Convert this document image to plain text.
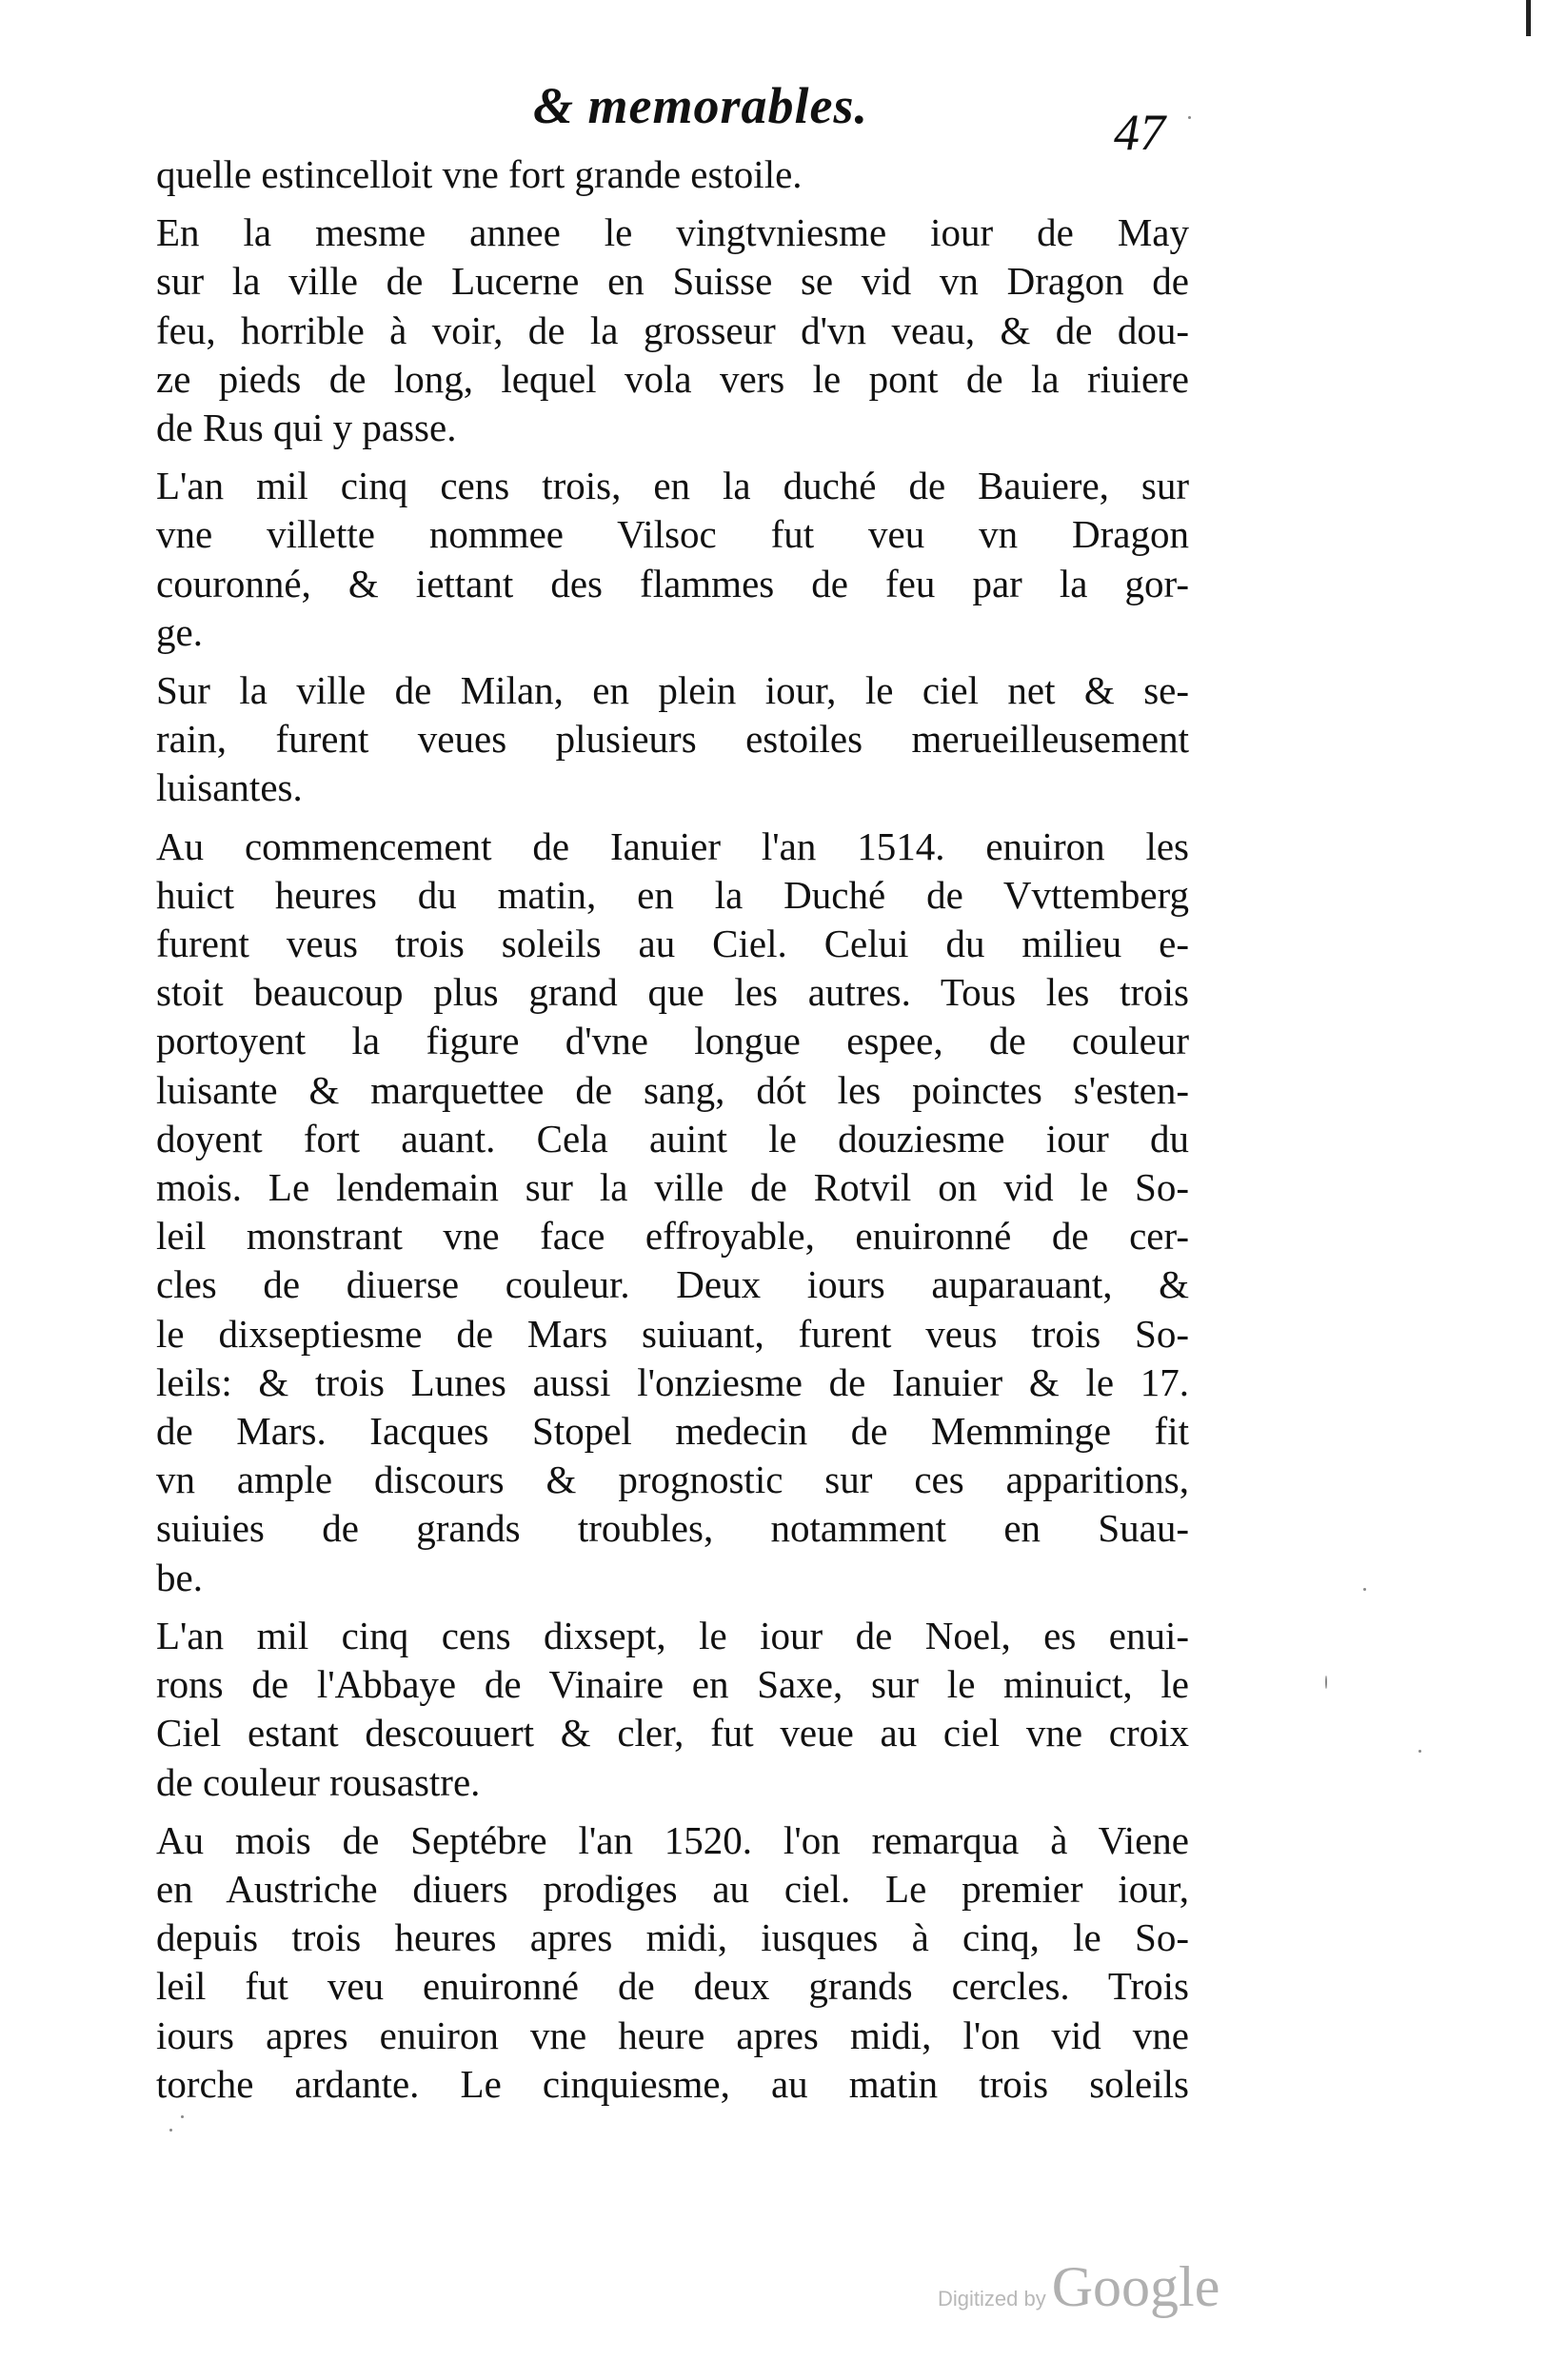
& memorables.	47
quelle estincelloit vne fort grande estoile.
En la mesme annee le vingtvniesme iour de May
sur la ville de Lucerne en Suisse se vid vn Dragon de
feu, horrible à voir, de la grosseur d'vn veau, & de dou-
ze pieds de long, lequel vola vers le pont de la riuiere
de Rus qui y passe.
L'an mil cinq cens trois, en la duché de Bauiere, sur
vne villette nommee Vilsoc fut veu vn Dragon
couronné, & iettant des flammes de feu par la gor-
ge.
Sur la ville de Milan, en plein iour, le ciel net & se-
rain, furent veues plusieurs estoiles merueilleusement
luisantes.
Au commencement de Ianuier l'an 1514. enuiron les
huict heures du matin, en la Duché de Vvttemberg
furent veus trois soleils au Ciel. Celui du milieu e-
stoit beaucoup plus grand que les autres. Tous les trois
portoyent la figure d'vne longue espee, de couleur
luisante & marquettee de sang, dót les poinctes s'esten-
doyent fort auant. Cela auint le douziesme iour du
mois. Le lendemain sur la ville de Rotvil on vid le So-
leil monstrant vne face effroyable, enuironné de cer-
cles de diuerse couleur. Deux iours auparauant, &
le dixseptiesme de Mars suiuant, furent veus trois So-
leils: & trois Lunes aussi l'onziesme de Ianuier & le 17.
de Mars. Iacques Stopel medecin de Memminge fit
vn ample discours & prognostic sur ces apparitions,
suiuies de grands troubles, notamment en Suau-
be.
L'an mil cinq cens dixsept, le iour de Noel, es enui-
rons de l'Abbaye de Vinaire en Saxe, sur le minuict, le
Ciel estant descouuert & cler, fut veue au ciel vne croix
de couleur rousastre.
Au mois de Septébre l'an 1520. l'on remarqua à Viene
en Austriche diuers prodiges au ciel. Le premier iour,
depuis trois heures apres midi, iusques à cinq, le So-
leil fut veu enuironné de deux grands cercles. Trois
iours apres enuiron vne heure apres midi, l'on vid vne
torche ardante. Le cinquiesme, au matin trois soleils
Digitized by Google
